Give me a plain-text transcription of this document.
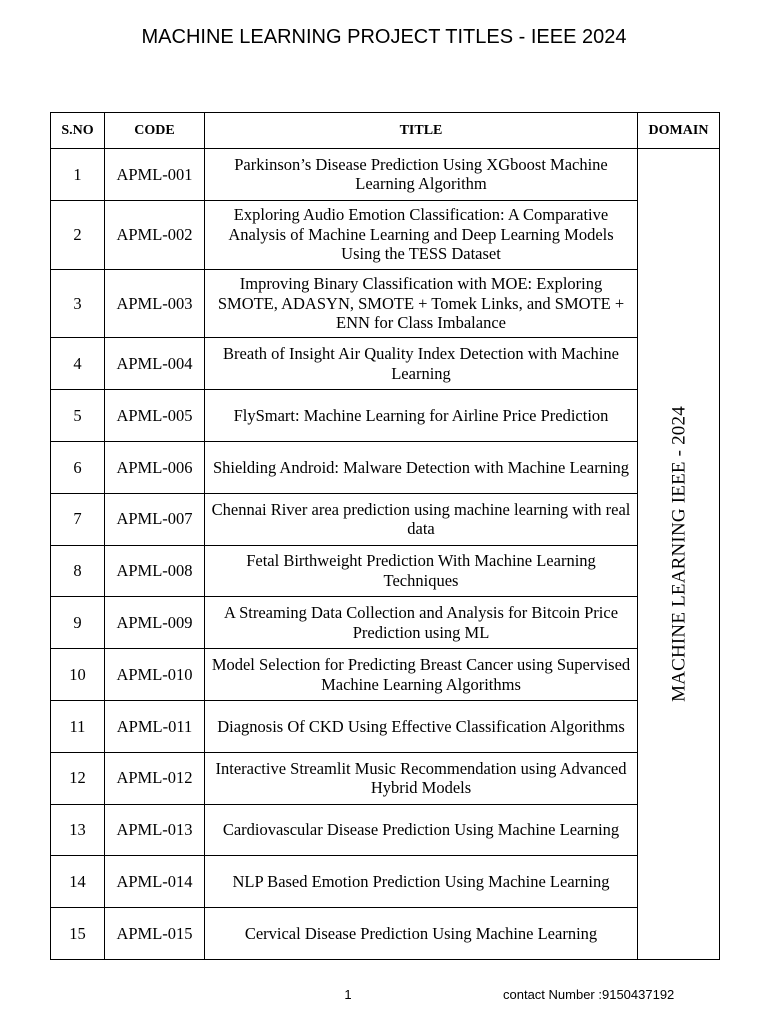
MACHINE LEARNING PROJECT TITLES - IEEE 2024
S.NO	CODE	TITLE	DOMAIN
1	APML-001	Parkinson’s Disease Prediction Using XGboost Machine Learning Algorithm	MACHINE LEARNING IEEE - 2024

2	APML-002	Exploring Audio Emotion Classification: A Comparative Analysis of Machine Learning and Deep Learning Models Using the TESS Dataset	
3	APML-003	Improving Binary Classification with MOE: Exploring SMOTE, ADASYN, SMOTE + Tomek Links, and SMOTE + ENN for Class Imbalance	
4	APML-004	Breath of Insight Air Quality Index Detection with Machine Learning	
5	APML-005	FlySmart: Machine Learning for Airline Price Prediction	
6	APML-006	Shielding Android: Malware Detection with Machine Learning	
7	APML-007	Chennai River area prediction using machine learning with real data	
8	APML-008	Fetal Birthweight Prediction With Machine Learning Techniques	
9	APML-009	A Streaming Data Collection and Analysis for Bitcoin Price Prediction using ML	
10	APML-010	Model Selection for Predicting Breast Cancer using Supervised Machine Learning Algorithms	
11	APML-011	Diagnosis Of CKD Using Effective Classification Algorithms	
12	APML-012	Interactive Streamlit Music Recommendation using Advanced Hybrid Models	
13	APML-013	Cardiovascular Disease Prediction Using Machine Learning	
14	APML-014	NLP Based Emotion Prediction Using Machine Learning	
15	APML-015	Cervical Disease Prediction Using Machine Learning	
1	contact Number :9150437192
